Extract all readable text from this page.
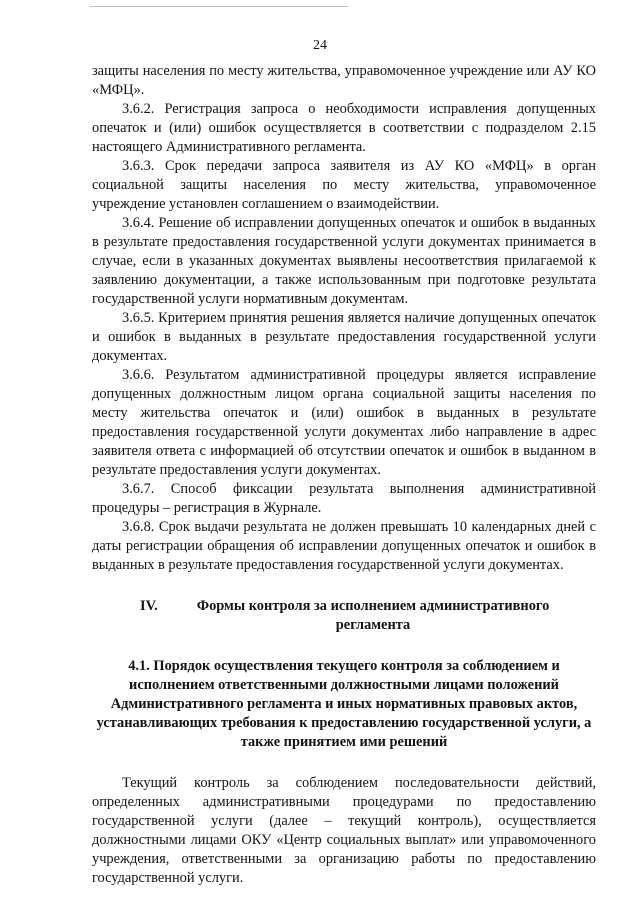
24

защиты населения по месту жительства, управомоченное учреждение или АУ КО «МФЦ».

3.6.2. Регистрация запроса о необходимости исправления допущенных опечаток и (или) ошибок осуществляется в соответствии с подразделом 2.15 настоящего Административного регламента.

3.6.3. Срок передачи запроса заявителя из АУ КО «МФЦ» в орган социальной защиты населения по месту жительства, управомоченное учреждение установлен соглашением о взаимодействии.

3.6.4. Решение об исправлении допущенных опечаток и ошибок в выданных в результате предоставления государственной услуги документах принимается в случае, если в указанных документах выявлены несоответствия прилагаемой к заявлению документации, а также использованным при подготовке результата государственной услуги нормативным документам.

3.6.5. Критерием принятия решения является наличие допущенных опечаток и ошибок в выданных в результате предоставления государственной услуги документах.

3.6.6. Результатом административной процедуры является исправление допущенных должностным лицом органа социальной защиты населения по месту жительства опечаток и (или) ошибок в выданных в результате предоставления государственной услуги документах либо направление в адрес заявителя ответа с информацией об отсутствии опечаток и ошибок в выданном в результате предоставления услуги документах.

3.6.7. Способ фиксации результата выполнения административной процедуры – регистрация в Журнале.

3.6.8. Срок выдачи результата не должен превышать 10 календарных дней с даты регистрации обращения об исправлении допущенных опечаток и ошибок в выданных в результате предоставления государственной услуги документах.

IV.	Формы контроля за исполнением административного регламента
4.1. Порядок осуществления текущего контроля за соблюдением и исполнением ответственными должностными лицами положений Административного регламента и иных нормативных правовых актов, устанавливающих требования к предоставлению государственной услуги, а также принятием ими решений

Текущий контроль за соблюдением последовательности действий, определенных административными процедурами по предоставлению государственной услуги (далее – текущий контроль), осуществляется должностными лицами ОКУ «Центр социальных выплат» или управомоченного учреждения, ответственными за организацию работы по предоставлению государственной услуги.
